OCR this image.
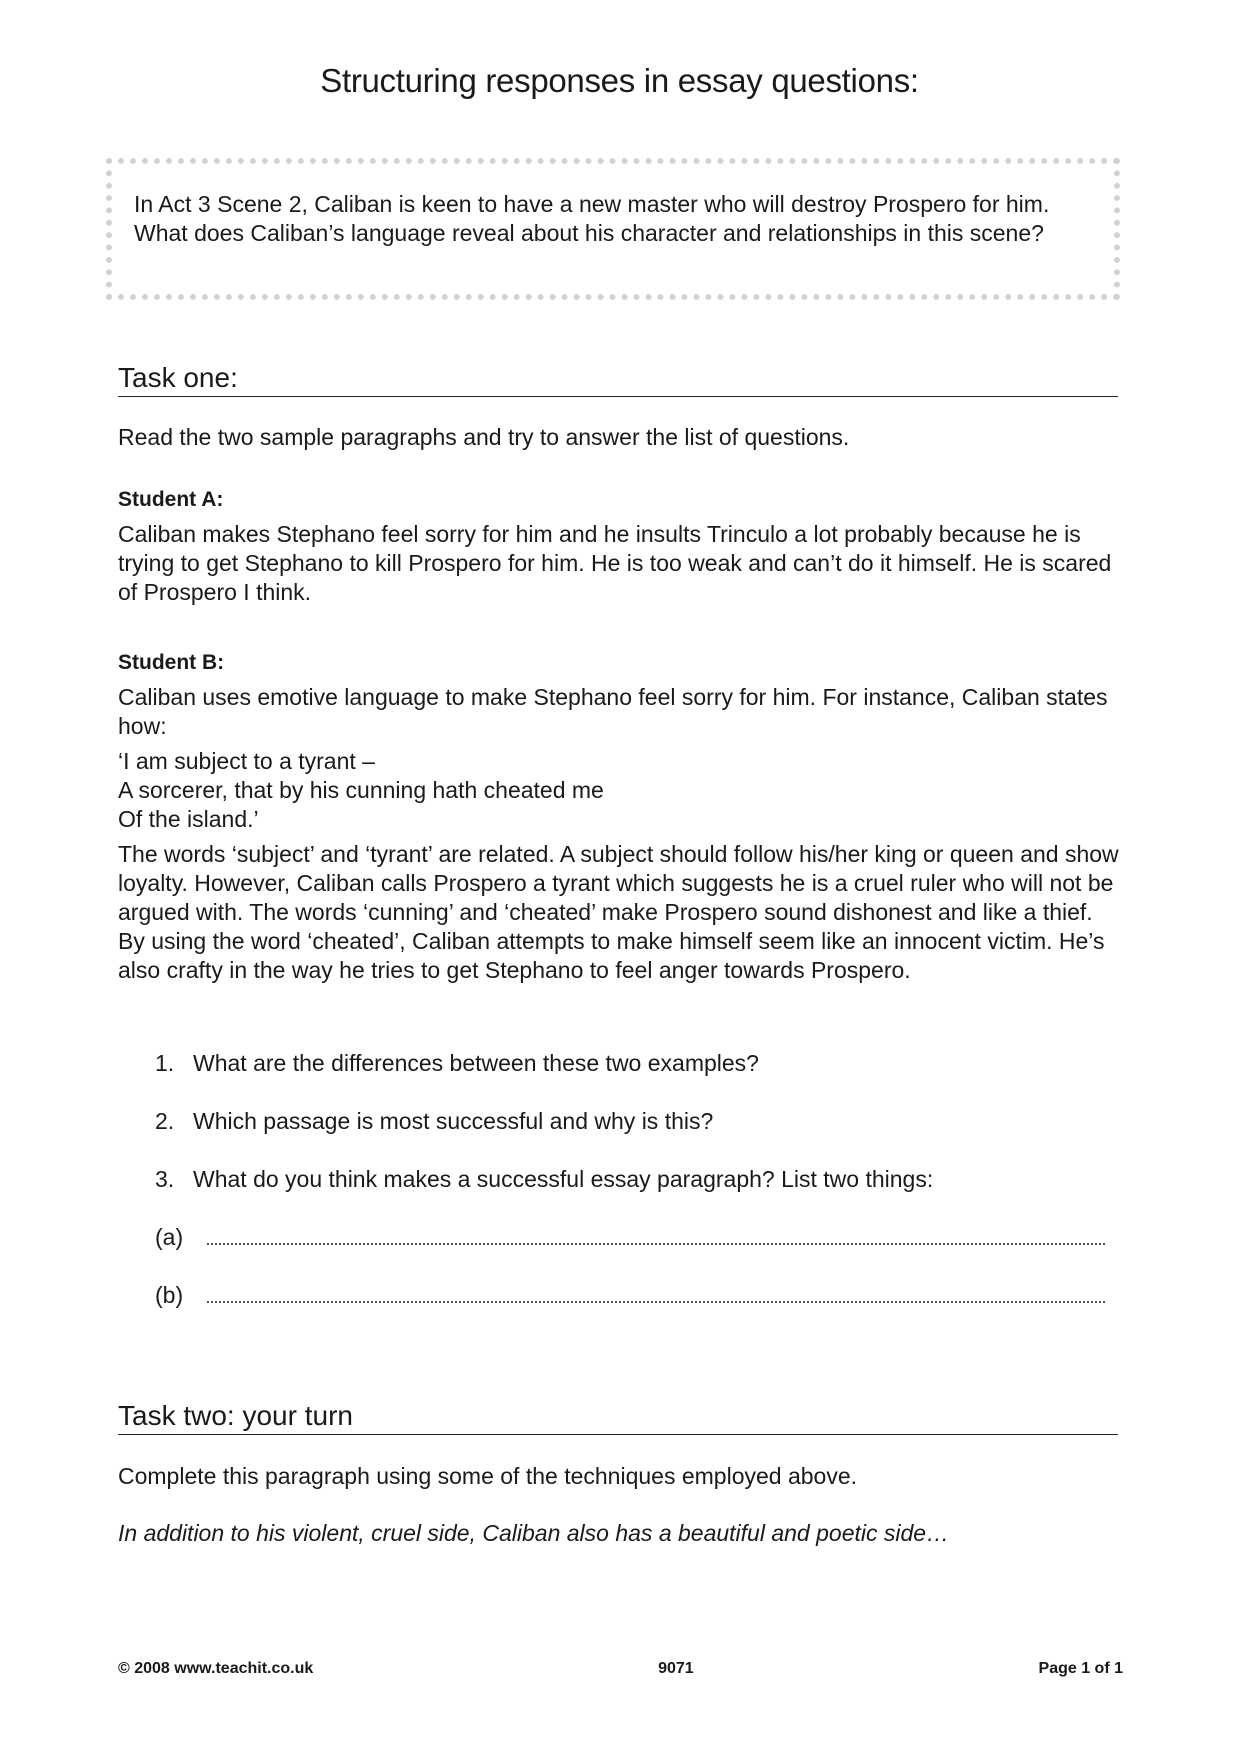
Structuring responses in essay questions:
In Act 3 Scene 2, Caliban is keen to have a new master who will destroy Prospero for him. What does Caliban’s language reveal about his character and relationships in this scene?
Task one:

Read the two sample paragraphs and try to answer the list of questions.

Student A:

Caliban makes Stephano feel sorry for him and he insults Trinculo a lot probably because he is trying to get Stephano to kill Prospero for him. He is too weak and can’t do it himself. He is scared of Prospero I think.

Student B:

Caliban uses emotive language to make Stephano feel sorry for him. For instance, Caliban states how:

‘I am subject to a tyrant –
A sorcerer, that by his cunning hath cheated me
Of the island.’

The words ‘subject’ and ‘tyrant’ are related. A subject should follow his/her king or queen and show loyalty. However, Caliban calls Prospero a tyrant which suggests he is a cruel ruler who will not be argued with. The words ‘cunning’ and ‘cheated’ make Prospero sound dishonest and like a thief. By using the word ‘cheated’, Caliban attempts to make himself seem like an innocent victim. He’s also crafty in the way he tries to get Stephano to feel anger towards Prospero.

1. What are the differences between these two examples?

2. Which passage is most successful and why is this?

3. What do you think makes a successful essay paragraph? List two things:

(a)
(b)
Task two: your turn

Complete this paragraph using some of the techniques employed above.

In addition to his violent, cruel side, Caliban also has a beautiful and poetic side…

© 2008 www.teachit.co.uk	9071	Page 1 of 1
